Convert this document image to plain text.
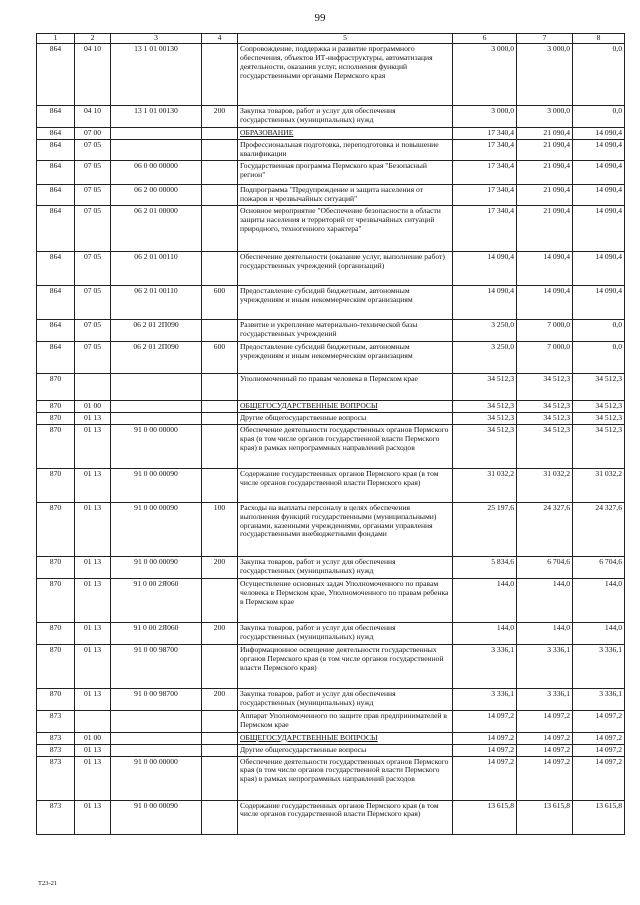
99
1	2	3	4	5	6	7	8
864	04 10	13 1 01 00130		Сопровождение, поддержка и развитие программного обеспечения, объектов ИТ-инфраструктуры, автоматизация деятельности, оказания услуг, исполнения функций государственными органами Пермского края	3 000,0	3 000,0	0,0
864	04 10	13 1 01 00130	200	Закупка товаров, работ и услуг для обеспечения государственных (муниципальных) нужд	3 000,0	3 000,0	0,0
864	07 00			ОБРАЗОВАНИЕ	17 340,4	21 090,4	14 090,4
864	07 05			Профессиональная подготовка, переподготовка и повышение квалификации	17 340,4	21 090,4	14 090,4
864	07 05	06 0 00 00000		Государственная программа Пермского края "Безопасный регион"	17 340,4	21 090,4	14 090,4
864	07 05	06 2 00 00000		Подпрограмма "Предупреждение и защита населения от пожаров и чрезвычайных ситуаций"	17 340,4	21 090,4	14 090,4
864	07 05	06 2 01 00000		Основное мероприятие "Обеспечение безопасности в области защиты населения и территорий от чрезвычайных ситуаций природного, техногенного характера"	17 340,4	21 090,4	14 090,4
864	07 05	06 2 01 00110		Обеспечение деятельности (оказание услуг, выполнение работ) государственных учреждений (организаций)	14 090,4	14 090,4	14 090,4
864	07 05	06 2 01 00110	600	Предоставление субсидий бюджетным, автономным учреждениям и иным некоммерческим организациям	14 090,4	14 090,4	14 090,4
864	07 05	06 2 01 2П090		Развитие и укрепление материально-технической базы государственных учреждений	3 250,0	7 000,0	0,0
864	07 05	06 2 01 2П090	600	Предоставление субсидий бюджетным, автономным учреждениям и иным некоммерческим организациям	3 250,0	7 000,0	0,0
870				Уполномоченный по правам человека в Пермском крае	34 512,3	34 512,3	34 512,3
870	01 00			ОБЩЕГОСУДАРСТВЕННЫЕ ВОПРОСЫ	34 512,3	34 512,3	34 512,3
870	01 13			Другие общегосударственные вопросы	34 512,3	34 512,3	34 512,3
870	01 13	91 0 00 00000		Обеспечение деятельности государственных органов Пермского края (в том числе органов государственной власти Пермского края) в рамках непрограммных направлений расходов	34 512,3	34 512,3	34 512,3
870	01 13	91 0 00 00090		Содержание государственных органов Пермского края (в том числе органов государственной власти Пермского края)	31 032,2	31 032,2	31 032,2
870	01 13	91 0 00 00090	100	Расходы на выплаты персоналу в целях обеспечения выполнения функций государственными (муниципальными) органами, казенными учреждениями, органами управления государственными внебюджетными фондами	25 197,6	24 327,6	24 327,6
870	01 13	91 0 00 00090	200	Закупка товаров, работ и услуг для обеспечения государственных (муниципальных) нужд	5 834,6	6 704,6	6 704,6
870	01 13	91 0 00 2Я060		Осуществление основных задач Уполномоченного по правам человека в Пермском крае, Уполномоченного по правам ребенка в Пермском крае	144,0	144,0	144,0
870	01 13	91 0 00 2Я060	200	Закупка товаров, работ и услуг для обеспечения государственных (муниципальных) нужд	144,0	144,0	144,0
870	01 13	91 0 00 98700		Информационное освещение деятельности государственных органов Пермского края (в том числе органов государственной власти Пермского края)	3 336,1	3 336,1	3 336,1
870	01 13	91 0 00 98700	200	Закупка товаров, работ и услуг для обеспечения государственных (муниципальных) нужд	3 336,1	3 336,1	3 336,1
873				Аппарат Уполномоченного по защите прав предпринимателей в Пермском крае	14 097,2	14 097,2	14 097,2
873	01 00			ОБЩЕГОСУДАРСТВЕННЫЕ ВОПРОСЫ	14 097,2	14 097,2	14 097,2
873	01 13			Другие общегосударственные вопросы	14 097,2	14 097,2	14 097,2
873	01 13	91 0 00 00000		Обеспечение деятельности государственных органов Пермского края (в том числе органов государственной власти Пермского края) в рамках непрограммных направлений расходов	14 097,2	14 097,2	14 097,2
873	01 13	91 0 00 00090		Содержание государственных органов Пермского края (в том числе органов государственной власти Пермского края)	13 615,8	13 615,8	13 615,8
Т23-21
